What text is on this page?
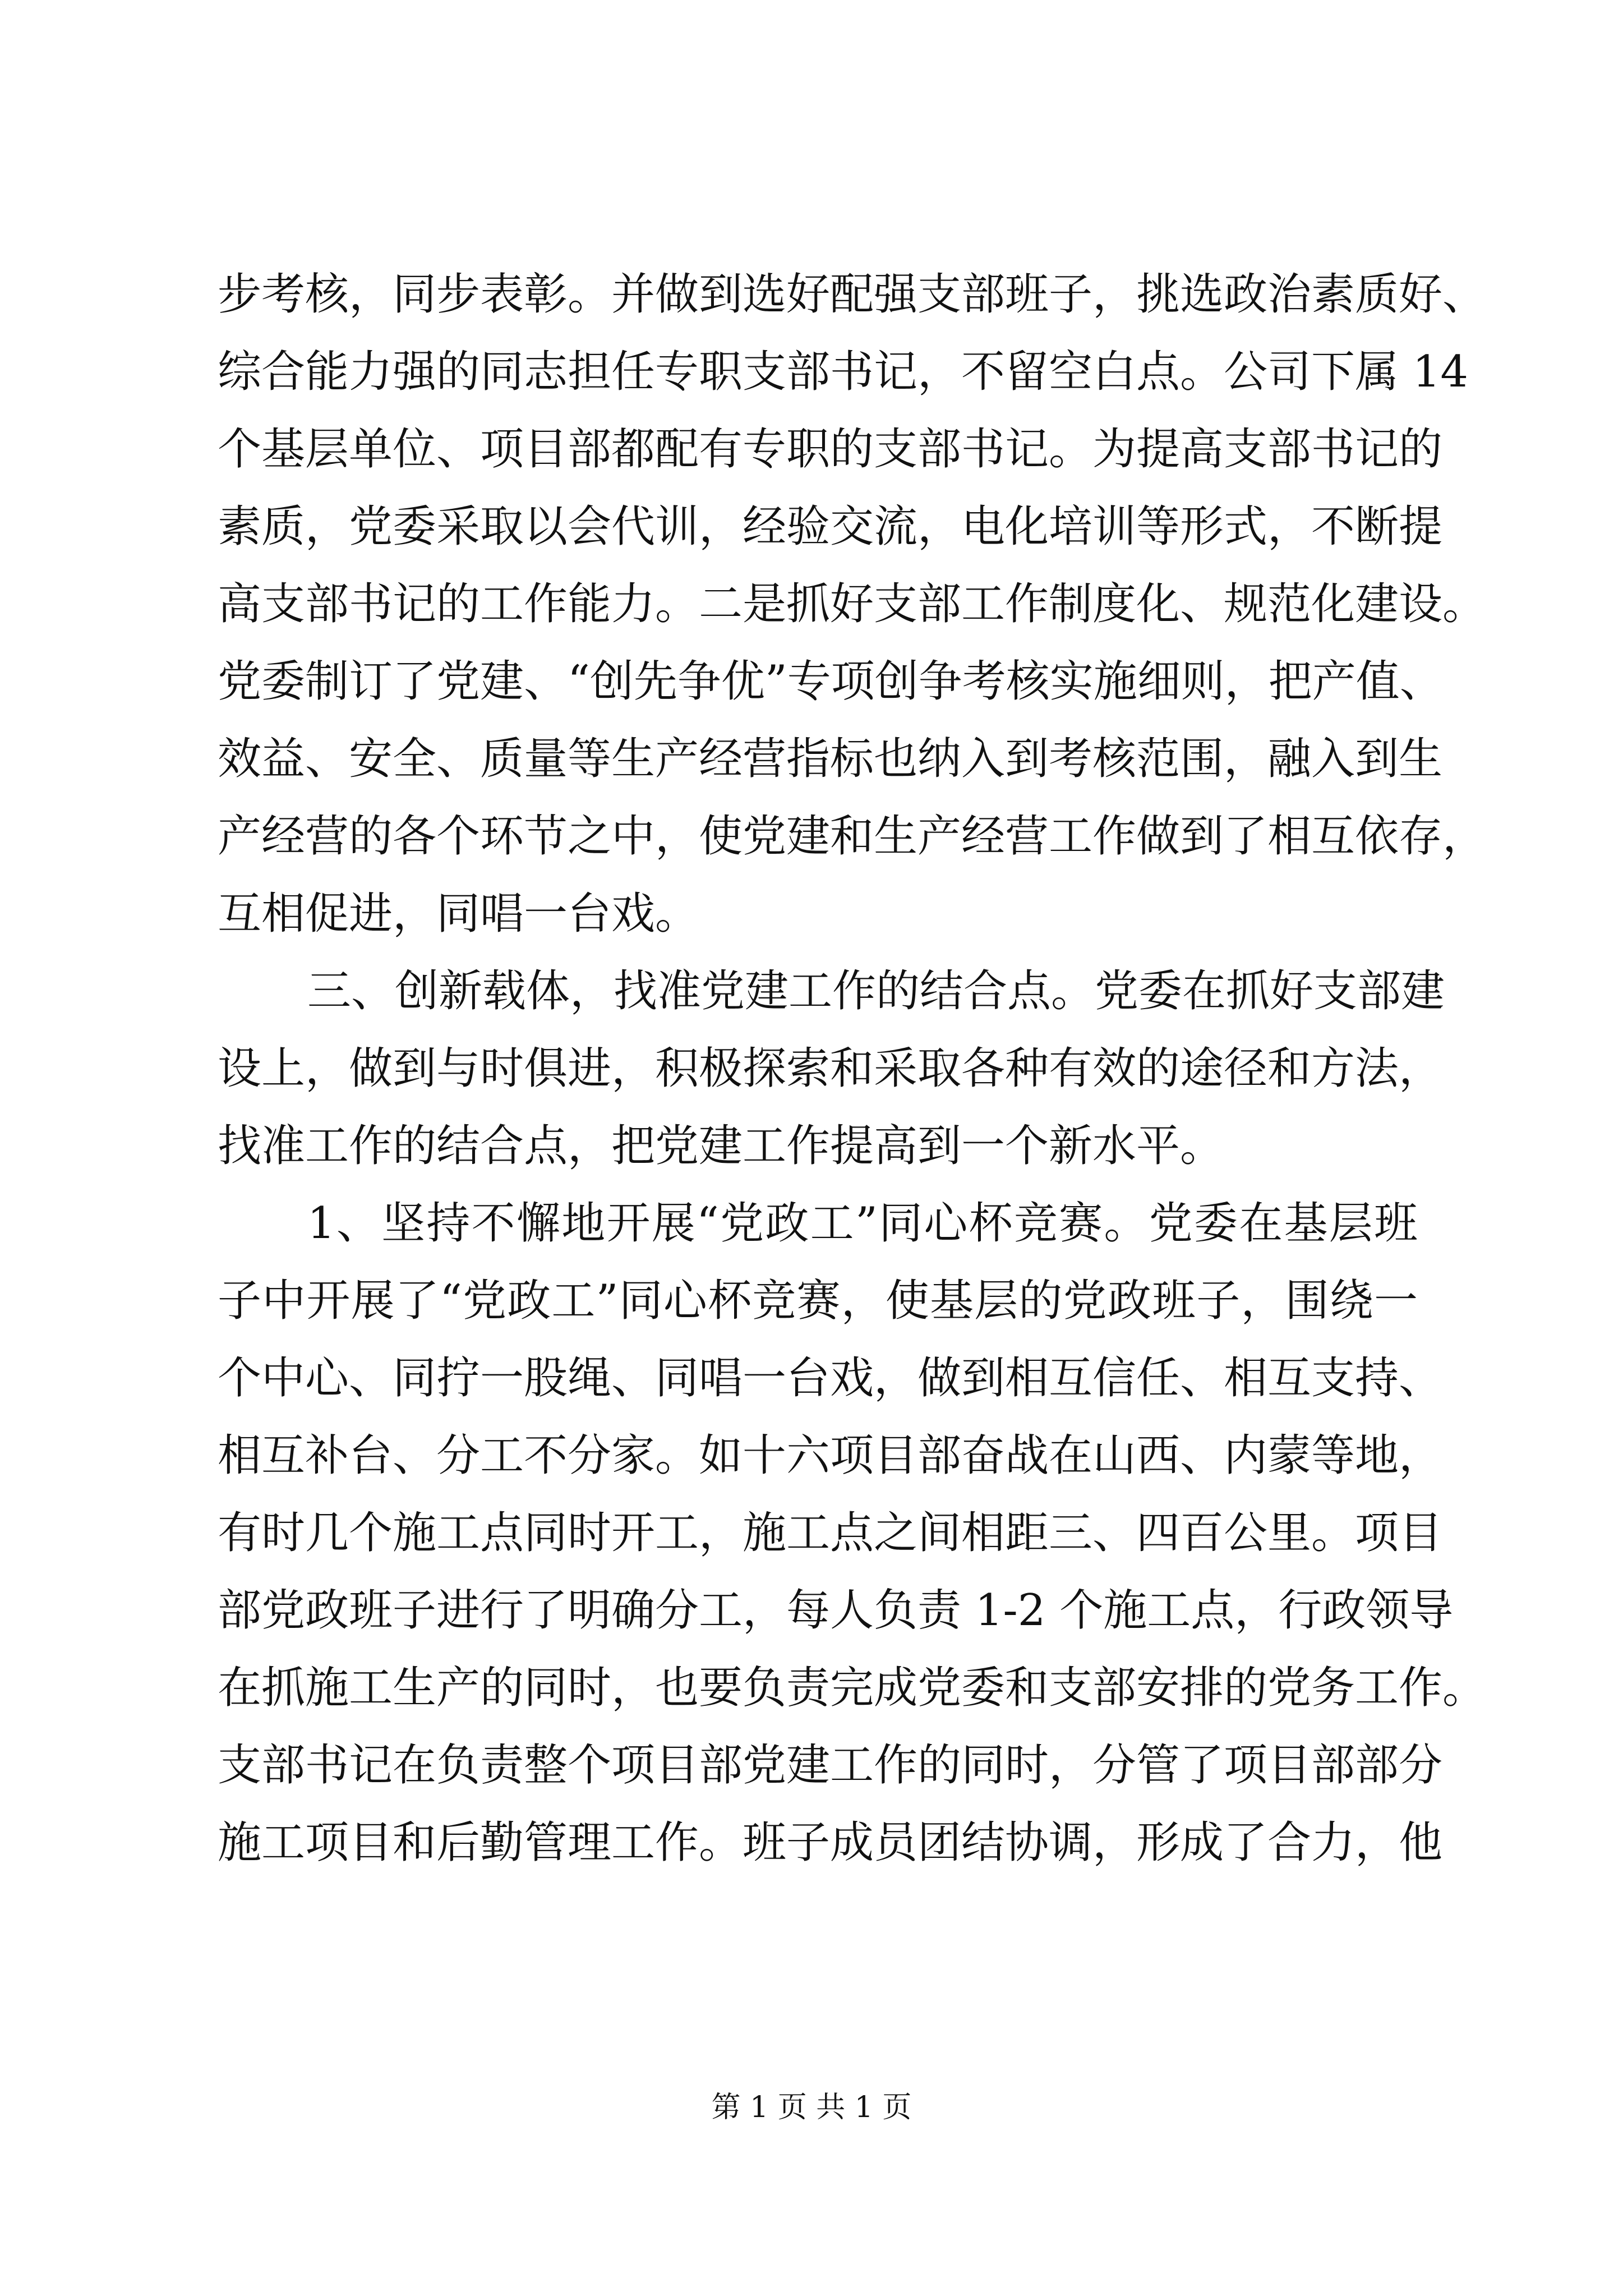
步考核，同步表彰。并做到选好配强支部班子，挑选政治素质好、
综合能力强的同志担任专职支部书记，不留空白点。公司下属 14
个基层单位、项目部都配有专职的支部书记。为提高支部书记的
素质，党委采取以会代训，经验交流，电化培训等形式，不断提
高支部书记的工作能力。二是抓好支部工作制度化、规范化建设。
党委制订了党建、“创先争优”专项创争考核实施细则，把产值、
效益、安全、质量等生产经营指标也纳入到考核范围，融入到生
产经营的各个环节之中，使党建和生产经营工作做到了相互依存，
互相促进，同唱一台戏。
三、创新载体，找准党建工作的结合点。党委在抓好支部建
设上，做到与时俱进，积极探索和采取各种有效的途径和方法，
找准工作的结合点，把党建工作提高到一个新水平。
1、坚持不懈地开展“党政工”同心杯竞赛。党委在基层班
子中开展了“党政工”同心杯竞赛，使基层的党政班子，围绕一
个中心、同拧一股绳、同唱一台戏，做到相互信任、相互支持、
相互补台、分工不分家。如十六项目部奋战在山西、内蒙等地，
有时几个施工点同时开工，施工点之间相距三、四百公里。项目
部党政班子进行了明确分工，每人负责 1-2 个施工点，行政领导
在抓施工生产的同时，也要负责完成党委和支部安排的党务工作。
支部书记在负责整个项目部党建工作的同时，分管了项目部部分
施工项目和后勤管理工作。班子成员团结协调，形成了合力，他
第 1 页 共 1 页
